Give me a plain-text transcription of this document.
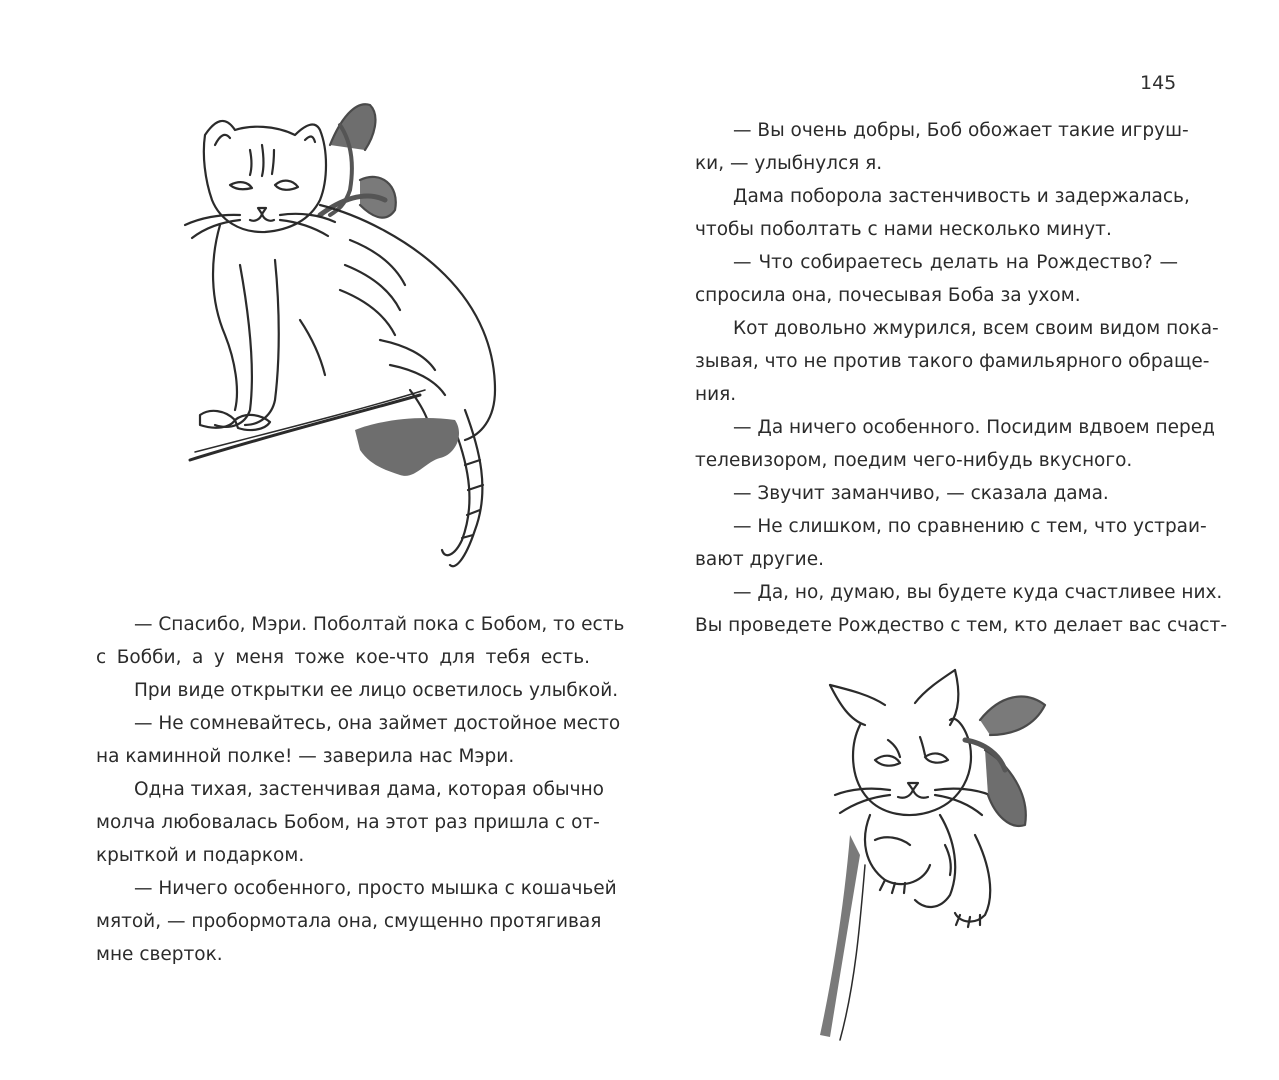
145
— Спасибо, Мэри. Поболтай пока с Бобом, то есть
с Бобби, а у меня тоже кое-что для тебя есть.
При виде открытки ее лицо осветилось улыбкой.
— Не сомневайтесь, она займет достойное место
на каминной полке! — заверила нас Мэри.
Одна тихая, застенчивая дама, которая обычно
молча любовалась Бобом, на этот раз пришла с от-
крыткой и подарком.
— Ничего особенного, просто мышка с кошачьей
мятой, — пробормотала она, смущенно протягивая
мне сверток.
— Вы очень добры, Боб обожает такие игруш-
ки, — улыбнулся я.
Дама поборола застенчивость и задержалась,
чтобы поболтать с нами несколько минут.
— Что собираетесь делать на Рождество? —
спросила она, почесывая Боба за ухом.
Кот довольно жмурился, всем своим видом пока-
зывая, что не против такого фамильярного обраще-
ния.
— Да ничего особенного. Посидим вдвоем перед
телевизором, поедим чего-нибудь вкусного.
— Звучит заманчиво, — сказала дама.
— Не слишком, по сравнению с тем, что устраи-
вают другие.
— Да, но, думаю, вы будете куда счастливее них.
Вы проведете Рождество с тем, кто делает вас счаст-
